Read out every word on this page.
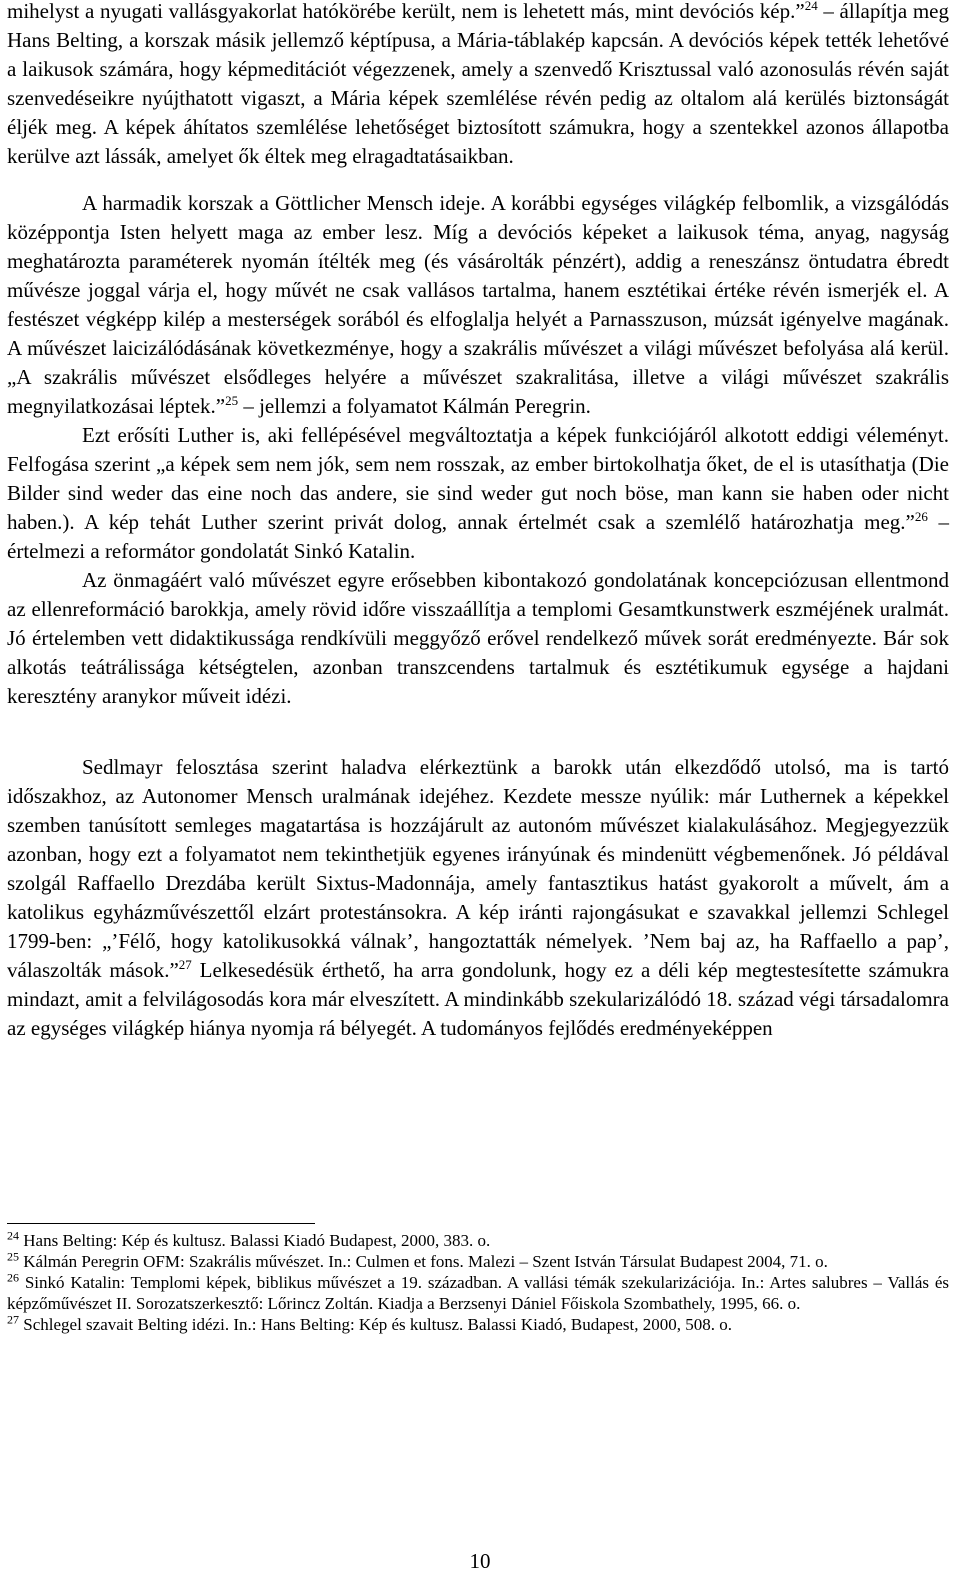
mihelyst a nyugati vallásgyakorlat hatókörébe került, nem is lehetett más, mint devóciós kép.”$^{24}$ – állapítja meg Hans Belting, a korszak másik jellemző képtípusa, a Mária-táblakép kapcsán. A devóciós képek tették lehetővé a laikusok számára, hogy képmeditációt végezzenek, amely a szenvedő Krisztussal való azonosulás révén saját szenvedéseikre nyújthatott vigaszt, a Mária képek szemlélése révén pedig az oltalom alá kerülés biztonságát éljék meg. A képek áhítatos szemlélése lehetőséget biztosított számukra, hogy a szentekkel azonos állapotba kerülve azt lássák, amelyet ők éltek meg elragadtatásaikban.

A harmadik korszak a Göttlicher Mensch ideje. A korábbi egységes világkép felbomlik, a vizsgálódás középpontja Isten helyett maga az ember lesz. Míg a devóciós képeket a laikusok téma, anyag, nagyság meghatározta paraméterek nyomán ítélték meg (és vásárolták pénzért), addig a reneszánsz öntudatra ébredt művésze joggal várja el, hogy művét ne csak vallásos tartalma, hanem esztétikai értéke révén ismerjék el. A festészet végképp kilép a mesterségek sorából és elfoglalja helyét a Parnasszuson, múzsát igényelve magának. A művészet laicizálódásának következménye, hogy a szakrális művészet a világi művészet befolyása alá kerül. „A szakrális művészet elsődleges helyére a művészet szakralitása, illetve a világi művészet szakrális megnyilatkozásai léptek.”$^{25}$ – jellemzi a folyamatot Kálmán Peregrin.

Ezt erősíti Luther is, aki fellépésével megváltoztatja a képek funkciójáról alkotott eddigi véleményt. Felfogása szerint „a képek sem nem jók, sem nem rosszak, az ember birtokolhatja őket, de el is utasíthatja (Die Bilder sind weder das eine noch das andere, sie sind weder gut noch böse, man kann sie haben oder nicht haben.). A kép tehát Luther szerint privát dolog, annak értelmét csak a szemlélő határozhatja meg.”$^{26}$ – értelmezi a reformátor gondolatát Sinkó Katalin.

Az önmagáért való művészet egyre erősebben kibontakozó gondolatának koncepciózusan ellentmond az ellenreformáció barokkja, amely rövid időre visszaállítja a templomi Gesamtkunstwerk eszméjének uralmát. Jó értelemben vett didaktikussága rendkívüli meggyőző erővel rendelkező művek sorát eredményezte. Bár sok alkotás teátrálissága kétségtelen, azonban transzcendens tartalmuk és esztétikumuk egysége a hajdani keresztény aranykor műveit idézi.

Sedlmayr felosztása szerint haladva elérkeztünk a barokk után elkezdődő utolsó, ma is tartó időszakhoz, az Autonomer Mensch uralmának idejéhez. Kezdete messze nyúlik: már Luthernek a képekkel szemben tanúsított semleges magatartása is hozzájárult az autonóm művészet kialakulásához. Megjegyezzük azonban, hogy ezt a folyamatot nem tekinthetjük egyenes irányúnak és mindenütt végbemenőnek. Jó példával szolgál Raffaello Drezdába került Sixtus-Madonnája, amely fantasztikus hatást gyakorolt a művelt, ám a katolikus egyházművészettől elzárt protestánsokra. A kép iránti rajongásukat e szavakkal jellemzi Schlegel 1799-ben: „’Félő, hogy katolikusokká válnak’, hangoztatták némelyek. ’Nem baj az, ha Raffaello a pap’, válaszolták mások.”$^{27}$ Lelkesedésük érthető, ha arra gondolunk, hogy ez a déli kép megtestesítette számukra mindazt, amit a felvilágosodás kora már elveszített. A mindinkább szekularizálódó 18. század végi társadalomra az egységes világkép hiánya nyomja rá bélyegét. A tudományos fejlődés eredményeképpen

$^{24}$ Hans Belting: Kép és kultusz. Balassi Kiadó Budapest, 2000, 383. o.

$^{25}$ Kálmán Peregrin OFM: Szakrális művészet. In.: Culmen et fons. Malezi – Szent István Társulat Budapest 2004, 71. o.

$^{26}$ Sinkó Katalin: Templomi képek, biblikus művészet a 19. században. A vallási témák szekularizációja. In.: Artes salubres – Vallás és képzőművészet II. Sorozatszerkesztő: Lőrincz Zoltán. Kiadja a Berzsenyi Dániel Főiskola Szombathely, 1995, 66. o.

$^{27}$ Schlegel szavait Belting idézi. In.: Hans Belting: Kép és kultusz. Balassi Kiadó, Budapest, 2000, 508. o.

10
